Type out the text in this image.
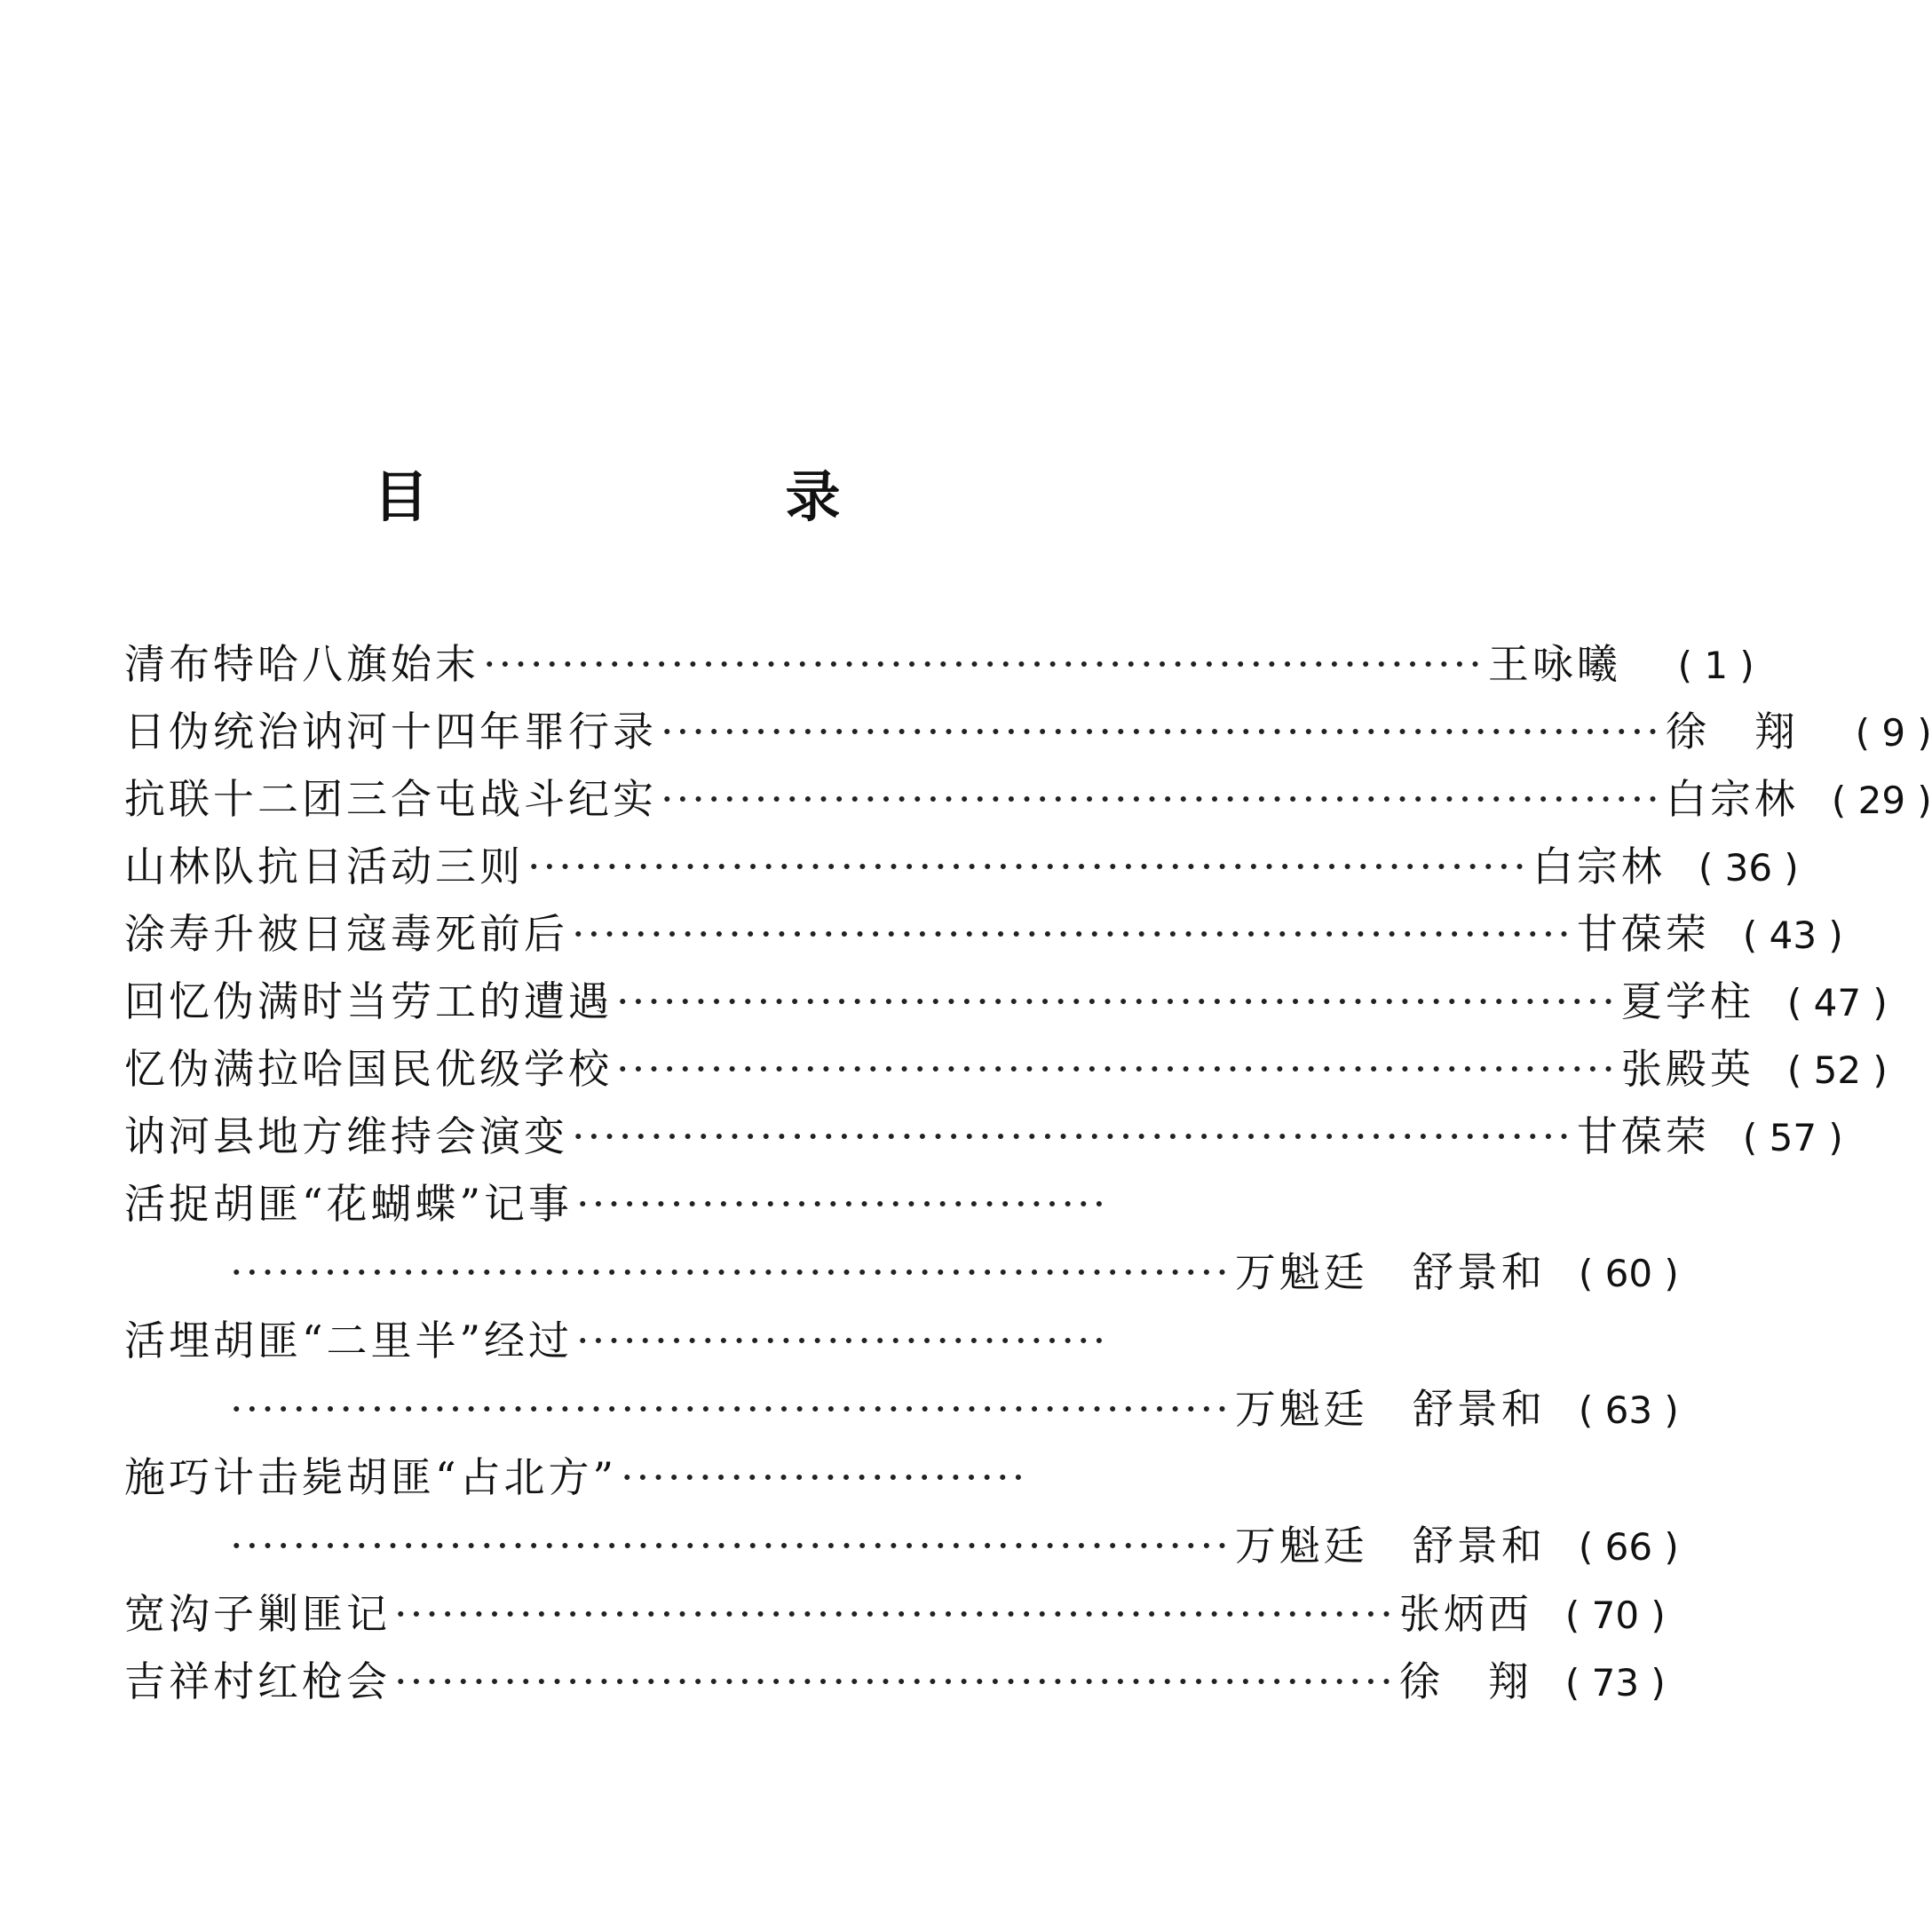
目　录
清布特哈八旗始末 ································································ 王咏曦	( 1 )
日伪统治讷河十四年罪行录 ································································ 徐　翔	( 9 )
抗联十二团三合屯战斗纪实 ································································ 白宗林 ( 29 )
山林队抗日活动三则 ································································ 白宗林 ( 36 )
涂寿升被日寇毒死前后 ································································ 甘葆荣 ( 43 )
回忆伪满时当劳工的遭遇 ································································ 夏学柱 ( 47 )
忆伪满拉哈国民优级学校 ································································ 张殿英 ( 52 )
讷河县地方维持会演变 ································································ 甘葆荣 ( 57 )
活捉胡匪“花蝴蝶”记事 ··································
································································ 万魁廷　舒景和 ( 60 )
活埋胡匪“二里半”经过 ··································
································································ 万魁廷　舒景和 ( 63 )
施巧计击毙胡匪“占北方” ··························
································································ 万魁廷　舒景和 ( 66 )
宽沟子剿匪记 ································································ 张炳西 ( 70 )
吉祥村红枪会 ································································ 徐　翔 ( 73 )
